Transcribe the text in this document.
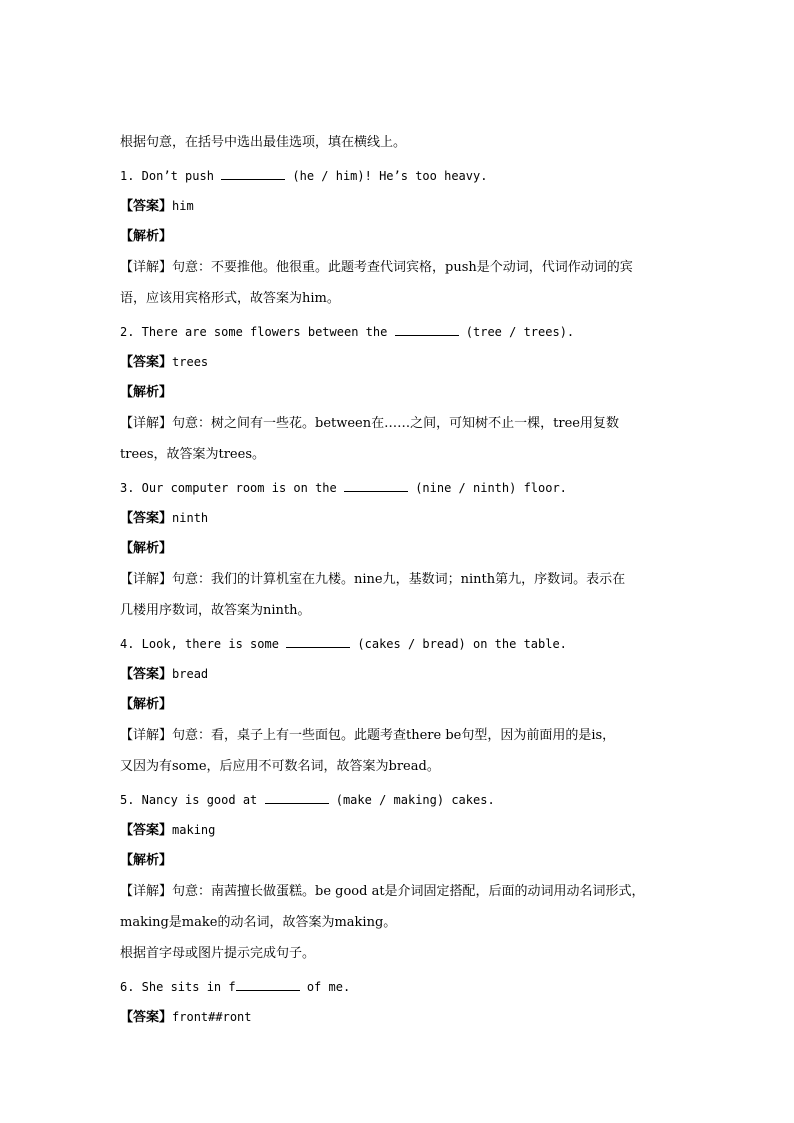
根据句意，在括号中选出最佳选项，填在横线上。
1. Don’t push	(he / him)! He’s too heavy.
【答案】him
【解析】
【详解】句意：不要推他。他很重。此题考查代词宾格，push是个动词，代词作动词的宾
语，应该用宾格形式，故答案为him。
2. There are some flowers between the	(tree / trees).
【答案】trees
【解析】
【详解】句意：树之间有一些花。between在……之间，可知树不止一棵，tree用复数
trees，故答案为trees。
3. Our computer room is on the	(nine / ninth) floor.
【答案】ninth
【解析】
【详解】句意：我们的计算机室在九楼。nine九，基数词；ninth第九，序数词。表示在
几楼用序数词，故答案为ninth。
4. Look, there is some	(cakes / bread) on the table.
【答案】bread
【解析】
【详解】句意：看，桌子上有一些面包。此题考查there be句型，因为前面用的是is，
又因为有some，后应用不可数名词，故答案为bread。
5. Nancy is good at	(make / making) cakes.
【答案】making
【解析】
【详解】句意：南茜擅长做蛋糕。be good at是介词固定搭配，后面的动词用动名词形式，
making是make的动名词，故答案为making。
根据首字母或图片提示完成句子。
6. She sits in f	of me.
【答案】front##ront
